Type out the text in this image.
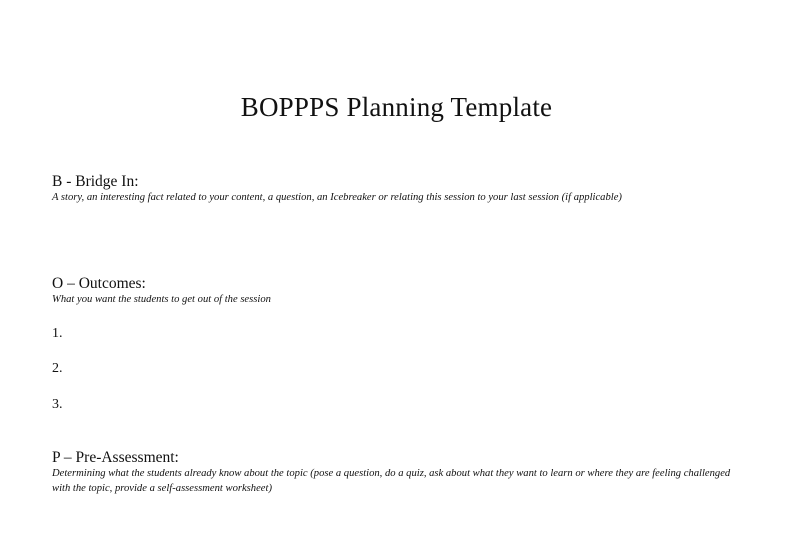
BOPPPS Planning Template
B - Bridge In:
A story, an interesting fact related to your content, a question, an Icebreaker or relating this session to your last session (if applicable)
O – Outcomes:
What you want the students to get out of the session
1.
2.
3.
P – Pre-Assessment:
Determining what the students already know about the topic (pose a question, do a quiz, ask about what they want to learn or where they are feeling challenged with the topic, provide a self-assessment worksheet)
